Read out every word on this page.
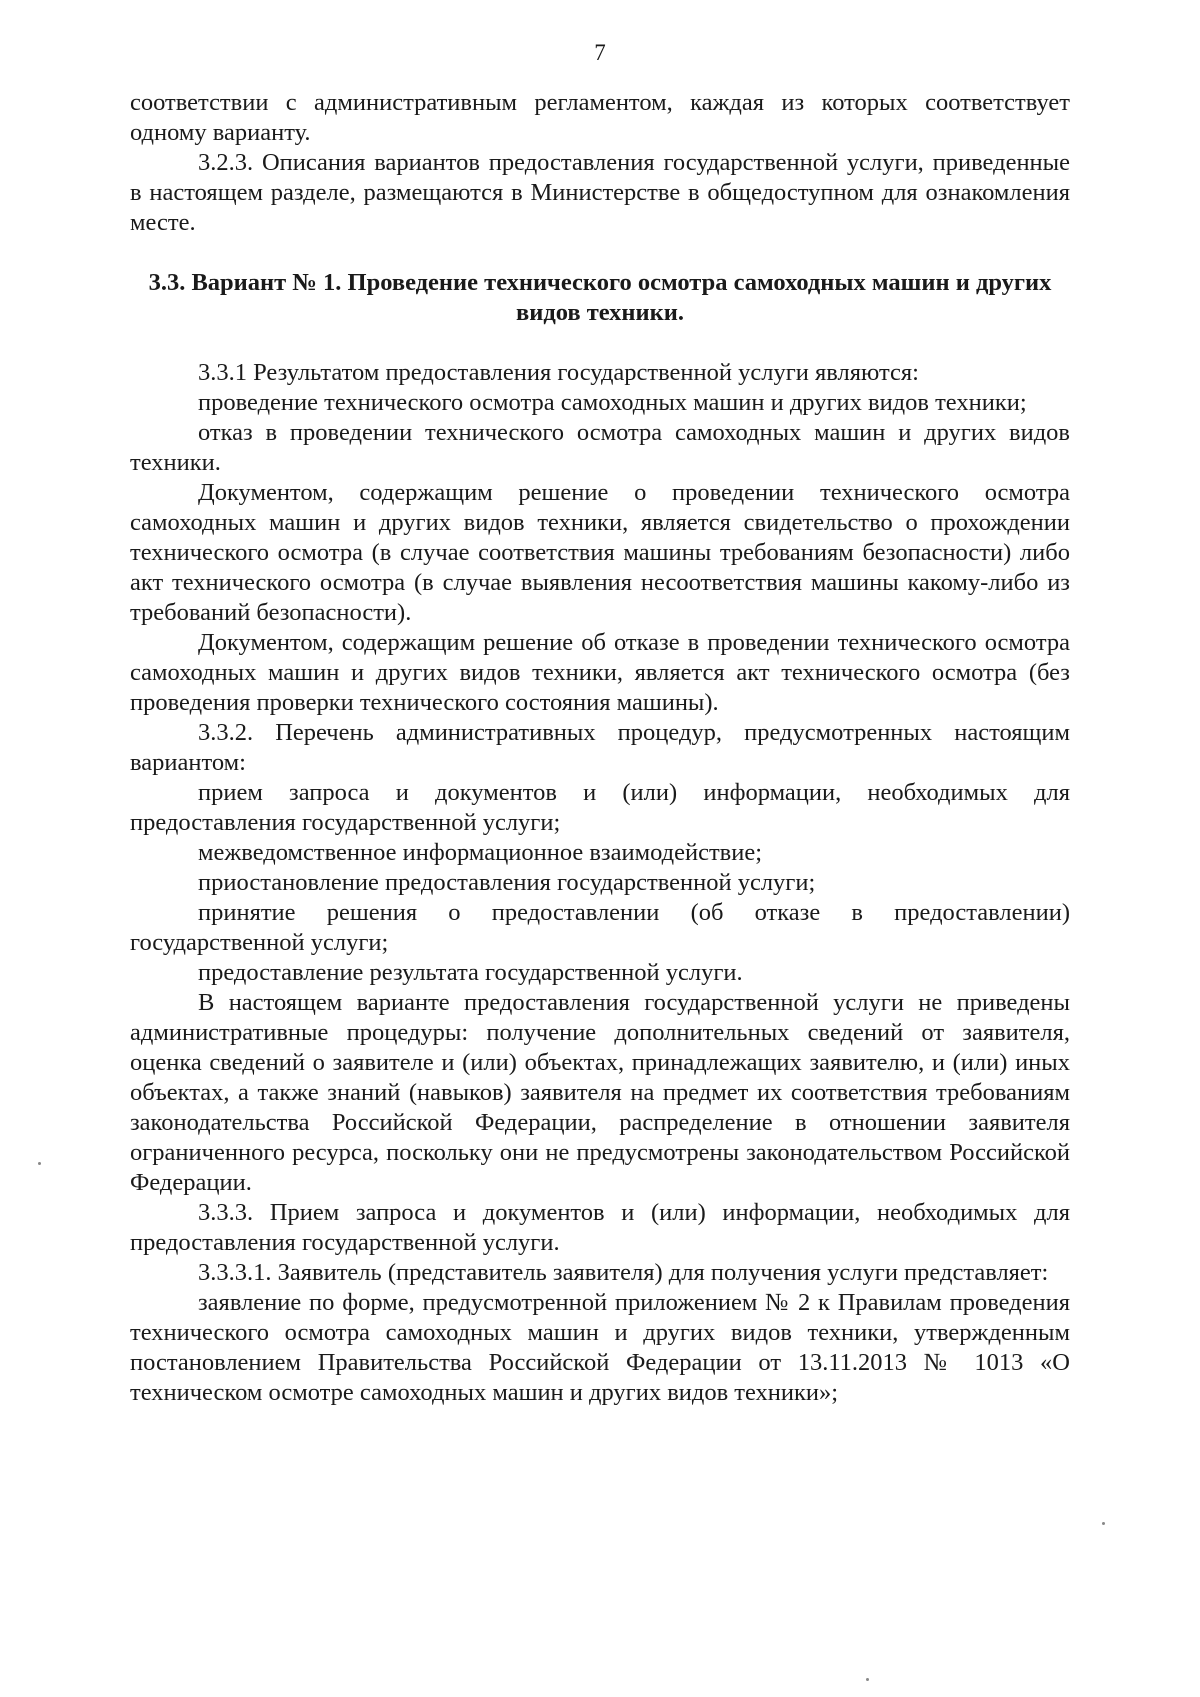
7

соответствии с административным регламентом, каждая из которых соответствует одному варианту.

3.2.3. Описания вариантов предоставления государственной услуги, приведенные в настоящем разделе, размещаются в Министерстве в общедоступном для ознакомления месте.

3.3. Вариант № 1. Проведение технического осмотра самоходных машин и других видов техники.

3.3.1 Результатом предоставления государственной услуги являются:

проведение технического осмотра самоходных машин и других видов техники;

отказ в проведении технического осмотра самоходных машин и других видов техники.

Документом, содержащим решение о проведении технического осмотра самоходных машин и других видов техники, является свидетельство о прохождении технического осмотра (в случае соответствия машины требованиям безопасности) либо акт технического осмотра (в случае выявления несоответствия машины какому-либо из требований безопасности).

Документом, содержащим решение об отказе в проведении технического осмотра самоходных машин и других видов техники, является акт технического осмотра (без проведения проверки технического состояния машины).

3.3.2. Перечень административных процедур, предусмотренных настоящим вариантом:

прием запроса и документов и (или) информации, необходимых для предоставления государственной услуги;

межведомственное информационное взаимодействие;

приостановление предоставления государственной услуги;

принятие решения о предоставлении (об отказе в предоставлении) государственной услуги;

предоставление результата государственной услуги.

В настоящем варианте предоставления государственной услуги не приведены административные процедуры: получение дополнительных сведений от заявителя, оценка сведений о заявителе и (или) объектах, принадлежащих заявителю, и (или) иных объектах, а также знаний (навыков) заявителя на предмет их соответствия требованиям законодательства Российской Федерации, распределение в отношении заявителя ограниченного ресурса, поскольку они не предусмотрены законодательством Российской Федерации.

3.3.3. Прием запроса и документов и (или) информации, необходимых для предоставления государственной услуги.

3.3.3.1. Заявитель (представитель заявителя) для получения услуги представляет:

заявление по форме, предусмотренной приложением № 2 к Правилам проведения технического осмотра самоходных машин и других видов техники, утвержденным постановлением Правительства Российской Федерации от 13.11.2013 № 1013 «О техническом осмотре самоходных машин и других видов техники»;
